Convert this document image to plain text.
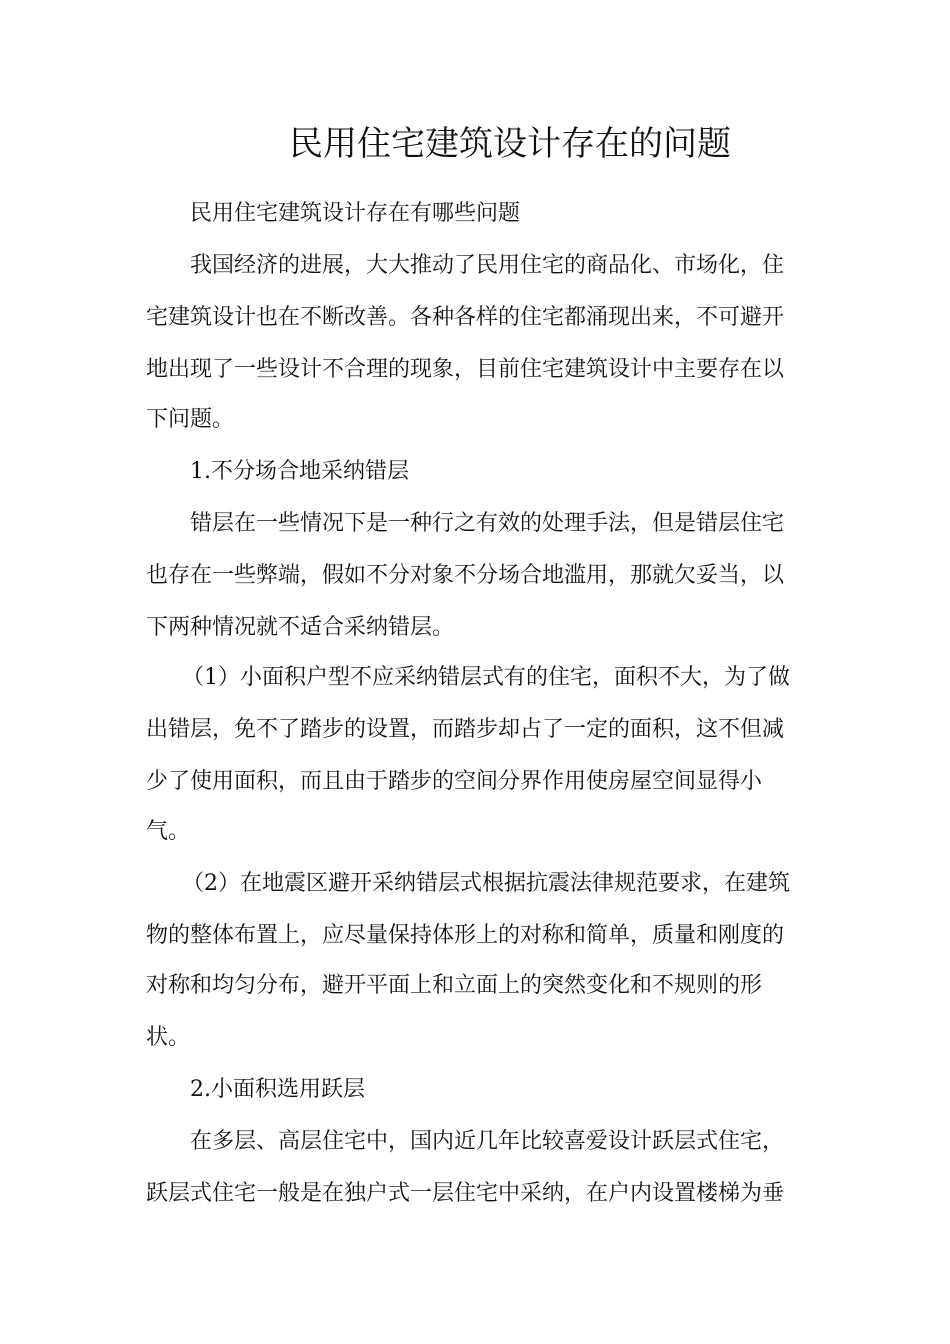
民用住宅建筑设计存在的问题
民用住宅建筑设计存在有哪些问题
我国经济的进展，大大推动了民用住宅的商品化、市场化，住
宅建筑设计也在不断改善。各种各样的住宅都涌现出来，不可避开
地出现了一些设计不合理的现象，目前住宅建筑设计中主要存在以
下问题。
1.不分场合地采纳错层
错层在一些情况下是一种行之有效的处理手法，但是错层住宅
也存在一些弊端，假如不分对象不分场合地滥用，那就欠妥当，以
下两种情况就不适合采纳错层。
（1）小面积户型不应采纳错层式有的住宅，面积不大，为了做
出错层，免不了踏步的设置，而踏步却占了一定的面积，这不但减
少了使用面积，而且由于踏步的空间分界作用使房屋空间显得小
气。
（2）在地震区避开采纳错层式根据抗震法律规范要求，在建筑
物的整体布置上，应尽量保持体形上的对称和简单，质量和刚度的
对称和均匀分布，避开平面上和立面上的突然变化和不规则的形
状。
2.小面积选用跃层
在多层、高层住宅中，国内近几年比较喜爱设计跃层式住宅，
跃层式住宅一般是在独户式一层住宅中采纳，在户内设置楼梯为垂
